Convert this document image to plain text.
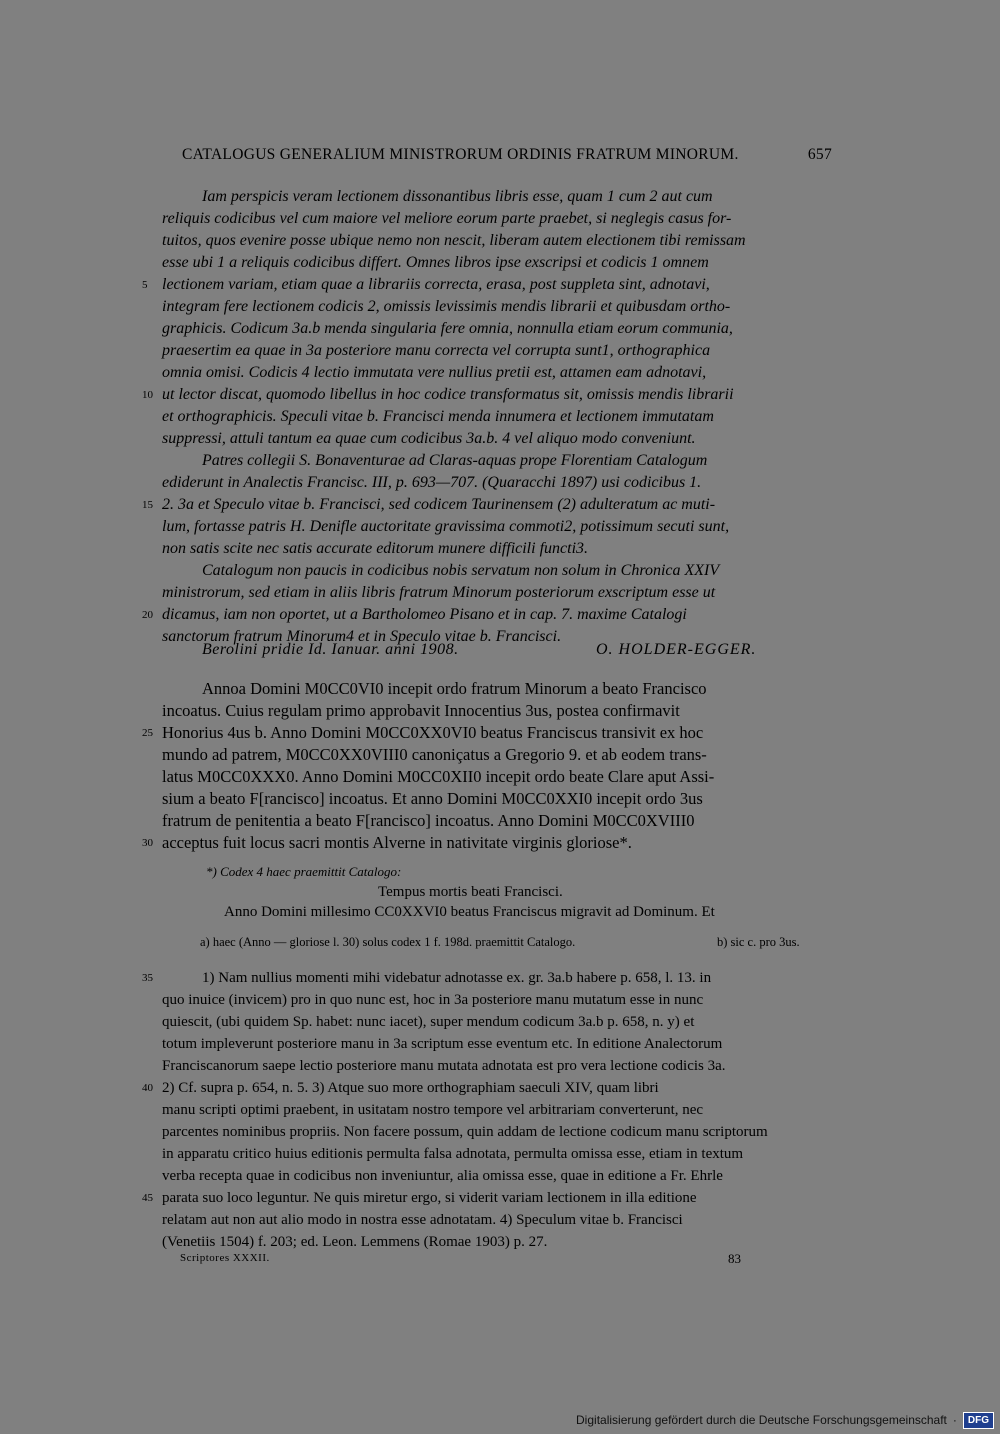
CATALOGUS GENERALIUM MINISTRORUM ORDINIS FRATRUM MINORUM.	657
Iam perspicis veram lectionem dissonantibus libris esse, quam 1 cum 2 aut cum
reliquis codicibus vel cum maiore vel meliore eorum parte praebet, si neglegis casus for-
tuitos, quos evenire posse ubique nemo non nescit, liberam autem electionem tibi remissam
esse ubi 1 a reliquis codicibus differt. Omnes libros ipse exscripsi et codicis 1 omnem
5 lectionem variam, etiam quae a librariis correcta, erasa, post suppleta sint, adnotavi,
integram fere lectionem codicis 2, omissis levissimis mendis librarii et quibusdam ortho-
graphicis. Codicum 3a.b menda singularia fere omnia, nonnulla etiam eorum communia,
praesertim ea quae in 3a posteriore manu correcta vel corrupta sunt1, orthographica
omnia omisi. Codicis 4 lectio immutata vere nullius pretii est, attamen eam adnotavi,
10 ut lector discat, quomodo libellus in hoc codice transformatus sit, omissis mendis librarii
et orthographicis. Speculi vitae b. Francisci menda innumera et lectionem immutatam
suppressi, attuli tantum ea quae cum codicibus 3a.b. 4 vel aliquo modo conveniunt.
Patres collegii S. Bonaventurae ad Claras-aquas prope Florentiam Catalogum
ediderunt in Analectis Francisc. III, p. 693—707. (Quaracchi 1897) usi codicibus 1.
15 2. 3a et Speculo vitae b. Francisci, sed codicem Taurinensem (2) adulteratum ac muti-
lum, fortasse patris H. Denifle auctoritate gravissima commoti2, potissimum secuti sunt,
non satis scite nec satis accurate editorum munere difficili functi3.
Catalogum non paucis in codicibus nobis servatum non solum in Chronica XXIV
ministrorum, sed etiam in aliis libris fratrum Minorum posteriorum exscriptum esse ut
20 dicamus, iam non oportet, ut a Bartholomeo Pisano et in cap. 7. maxime Catalogi
sanctorum fratrum Minorum4 et in Speculo vitae b. Francisci.
Berolini pridie Id. Ianuar. anni 1908.	O. HOLDER-EGGER.
Annoa Domini M0CC0VI0 incepit ordo fratrum Minorum a beato Francisco
incoatus. Cuius regulam primo approbavit Innocentius 3us, postea confirmavit
25 Honorius 4us b. Anno Domini M0CC0XX0VI0 beatus Franciscus transivit ex hoc
mundo ad patrem, M0CC0XX0VIII0 canoniçatus a Gregorio 9. et ab eodem trans-
latus M0CC0XXX0. Anno Domini M0CC0XII0 incepit ordo beate Clare aput Assi-
sium a beato F[rancisco] incoatus. Et anno Domini M0CC0XXI0 incepit ordo 3us
fratrum de penitentia a beato F[rancisco] incoatus. Anno Domini M0CC0XVIII0
30 acceptus fuit locus sacri montis Alverne in nativitate virginis gloriose*.
*) Codex 4 haec praemittit Catalogo:
Tempus mortis beati Francisci.
Anno Domini millesimo CC0XXVI0 beatus Franciscus migravit ad Dominum. Et
a) haec (Anno — gloriose l. 30) solus codex 1 f. 198d. praemittit Catalogo.	b) sic c. pro 3us.
35	1) Nam nullius momenti mihi videbatur adnotasse ex. gr. 3a.b habere p. 658, l. 13. in
quo inuice (invicem) pro in quo nunc est, hoc in 3a posteriore manu mutatum esse in nunc
quiescit, (ubi quidem Sp. habet: nunc iacet), super mendum codicum 3a.b p. 658, n. y) et
totum impleverunt posteriore manu in 3a scriptum esse eventum etc. In editione Analectorum
Franciscanorum saepe lectio posteriore manu mutata adnotata est pro vera lectione codicis 3a.
40 2) Cf. supra p. 654, n. 5. 3) Atque suo more orthographiam saeculi XIV, quam libri
manu scripti optimi praebent, in usitatam nostro tempore vel arbitrariam converterunt, nec
parcentes nominibus propriis. Non facere possum, quin addam de lectione codicum manu scriptorum
in apparatu critico huius editionis permulta falsa adnotata, permulta omissa esse, etiam in textum
verba recepta quae in codicibus non inveniuntur, alia omissa esse, quae in editione a Fr. Ehrle
45 parata suo loco leguntur. Ne quis miretur ergo, si viderit variam lectionem in illa editione
relatam aut non aut alio modo in nostra esse adnotatam. 4) Speculum vitae b. Francisci
(Venetiis 1504) f. 203; ed. Leon. Lemmens (Romae 1903) p. 27.
Scriptores XXXII.	83
Digitalisierung gefördert durch die Deutsche Forschungsgemeinschaft ·	DFG
